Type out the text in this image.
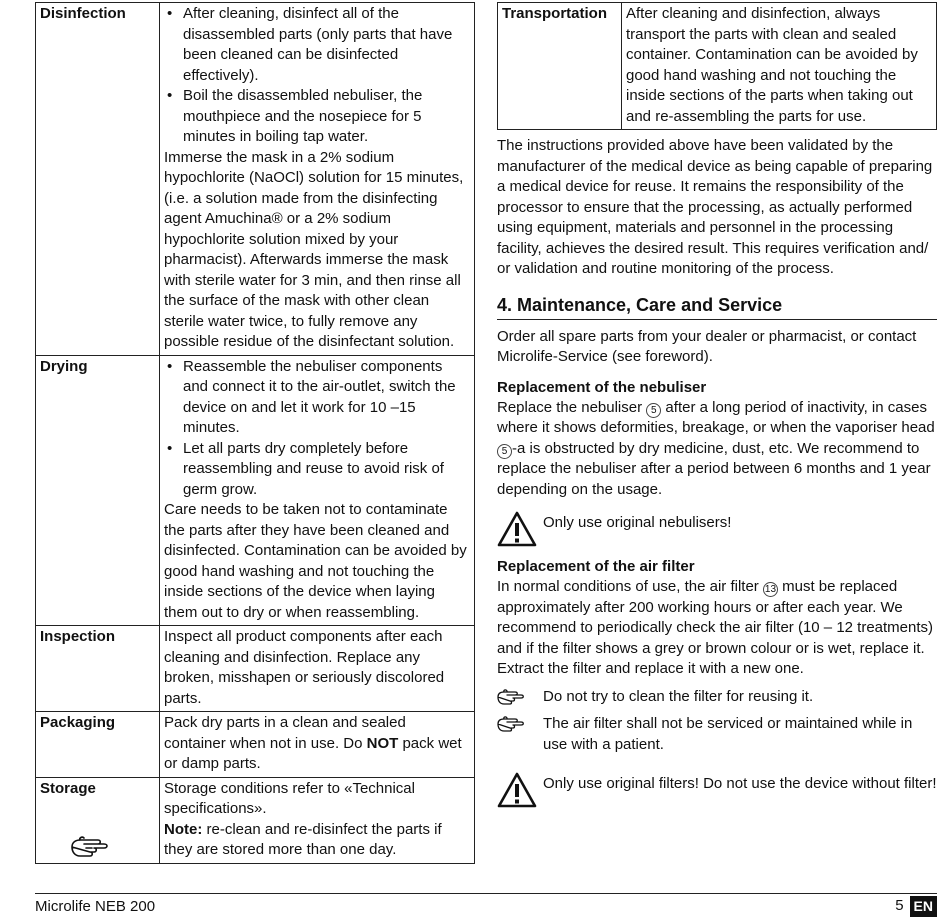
Disinfection	• After cleaning, disinfect all of the disassembled parts (only parts that have been cleaned can be disinfected effectively).
• Boil the disassembled nebuliser, the mouthpiece and the nosepiece for 5 minutes in boiling tap water.
Immerse the mask in a 2% sodium hypochlorite (NaOCl) solution for 15 minutes, (i.e. a solution made from the disinfecting agent Amuchina® or a 2% sodium hypochlorite solution mixed by your pharmacist). Afterwards immerse the mask with sterile water for 3 min, and then rinse all the surface of the mask with other clean sterile water twice, to fully remove any possible residue of the disinfectant solution.

Drying	• Reassemble the nebuliser components and connect it to the air-outlet, switch the device on and let it work for 10 –15 minutes.
• Let all parts dry completely before reassembling and reuse to avoid risk of germ grow.
Care needs to be taken not to contaminate the parts after they have been cleaned and disinfected. Contamination can be avoided by good hand washing and not touching the inside sections of the device when laying them out to dry or when reassembling.

Inspection	Inspect all product components after each cleaning and disinfection. Replace any broken, misshapen or seriously discolored parts.
Packaging	Pack dry parts in a clean and sealed container when not in use. Do NOT pack wet or damp parts.
Storage	Storage conditions refer to «Technical specifications».
Note: re-clean and re-disinfect the parts if they are stored more than one day.
Transportation	After cleaning and disinfection, always transport the parts with clean and sealed container. Contamination can be avoided by good hand washing and not touching the inside sections of the parts when taking out and re-assembling the parts for use.
The instructions provided above have been validated by the manufacturer of the medical device as being capable of preparing a medical device for reuse. It remains the responsibility of the processor to ensure that the processing, as actually performed using equipment, materials and personnel in the processing facility, achieves the desired result. This requires verification and/ or validation and routine monitoring of the process.
4. Maintenance, Care and Service
Order all spare parts from your dealer or pharmacist, or contact Microlife-Service (see foreword).
Replacement of the nebuliser
Replace the nebuliser 5 after a long period of inactivity, in cases where it shows deformities, breakage, or when the vaporiser head 5 -a is obstructed by dry medicine, dust, etc. We recommend to replace the nebuliser after a period between 6 months and 1 year depending on the usage.
Only use original nebulisers!
Replacement of the air filter
In normal conditions of use, the air filter 13 must be replaced approximately after 200 working hours or after each year. We recommend to periodically check the air filter (10 – 12 treatments) and if the filter shows a grey or brown colour or is wet, replace it. Extract the filter and replace it with a new one.
Do not try to clean the filter for reusing it.
The air filter shall not be serviced or maintained while in use with a patient.
Only use original filters! Do not use the device without filter!
Microlife NEB 200	5 EN
